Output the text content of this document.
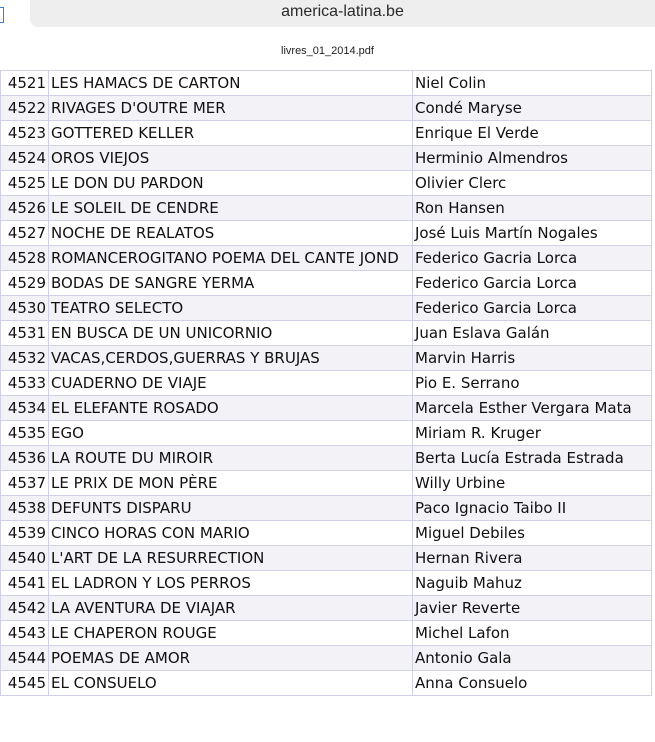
america-latina.be
livres_01_2014.pdf
4521	LES HAMACS DE CARTON	Niel Colin
4522	RIVAGES D'OUTRE MER	Condé Maryse
4523	GOTTERED KELLER	Enrique El Verde
4524	OROS VIEJOS	Herminio Almendros
4525	LE DON DU PARDON	Olivier Clerc
4526	LE SOLEIL DE CENDRE	Ron Hansen
4527	NOCHE DE REALATOS	José Luis Martín Nogales
4528	ROMANCEROGITANO POEMA DEL CANTE JOND	Federico Gacria Lorca
4529	BODAS DE SANGRE YERMA	Federico Garcia Lorca
4530	TEATRO SELECTO	Federico Garcia Lorca
4531	EN BUSCA DE UN UNICORNIO	Juan Eslava Galán
4532	VACAS,CERDOS,GUERRAS Y BRUJAS	Marvin Harris
4533	CUADERNO DE VIAJE	Pio E. Serrano
4534	EL ELEFANTE ROSADO	Marcela Esther Vergara Mata
4535	EGO	Miriam R. Kruger
4536	LA ROUTE DU MIROIR	Berta Lucía Estrada Estrada
4537	LE PRIX DE MON PÈRE	Willy Urbine
4538	DEFUNTS DISPARU	Paco Ignacio Taibo II
4539	CINCO HORAS CON MARIO	Miguel Debiles
4540	L'ART DE LA RESURRECTION	Hernan Rivera
4541	EL LADRON Y LOS PERROS	Naguib Mahuz
4542	LA AVENTURA DE VIAJAR	Javier Reverte
4543	LE CHAPERON ROUGE	Michel Lafon
4544	POEMAS DE AMOR	Antonio Gala
4545	EL CONSUELO	Anna Consuelo
